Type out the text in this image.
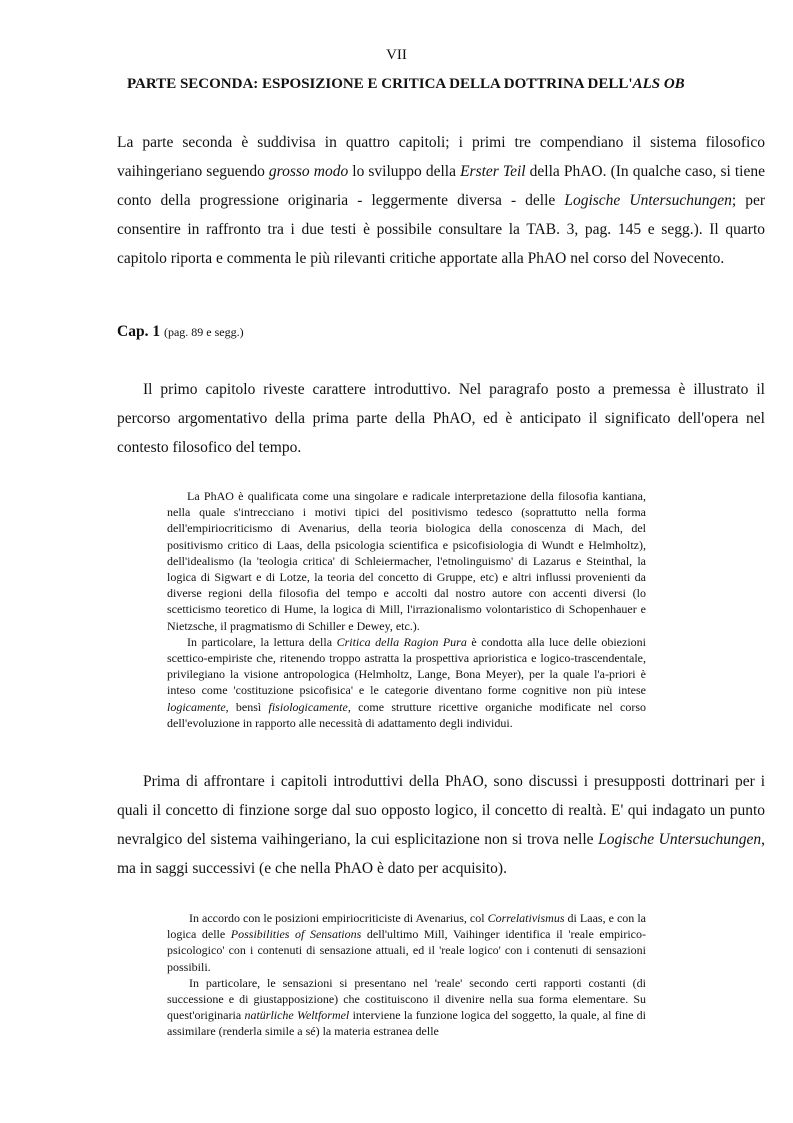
VII
PARTE SECONDA: ESPOSIZIONE E CRITICA DELLA DOTTRINA DELL'ALS OB

La parte seconda è suddivisa in quattro capitoli; i primi tre compendiano il sistema filosofico vaihingeriano seguendo grosso modo lo sviluppo della Erster Teil della PhAO. (In qualche caso, si tiene conto della progressione originaria - leggermente diversa - delle Logische Untersuchungen; per consentire in raffronto tra i due testi è possibile consultare la TAB. 3, pag. 145 e segg.). Il quarto capitolo riporta e commenta le più rilevanti critiche apportate alla PhAO nel corso del Novecento.

Cap. 1 (pag. 89 e segg.)

Il primo capitolo riveste carattere introduttivo. Nel paragrafo posto a premessa è illustrato il percorso argomentativo della prima parte della PhAO, ed è anticipato il significato dell'opera nel contesto filosofico del tempo.

La PhAO è qualificata come una singolare e radicale interpretazione della filosofia kantiana, nella quale s'intrecciano i motivi tipici del positivismo tedesco (soprattutto nella forma dell'empiriocriticismo di Avenarius, della teoria biologica della conoscenza di Mach, del positivismo critico di Laas, della psicologia scientifica e psicofisiologia di Wundt e Helmholtz), dell'idealismo (la 'teologia critica' di Schleiermacher, l'etnolinguismo' di Lazarus e Steinthal, la logica di Sigwart e di Lotze, la teoria del concetto di Gruppe, etc) e altri influssi provenienti da diverse regioni della filosofia del tempo e accolti dal nostro autore con accenti diversi (lo scetticismo teoretico di Hume, la logica di Mill, l'irrazionalismo volontaristico di Schopenhauer e Nietzsche, il pragmatismo di Schiller e Dewey, etc.).

In particolare, la lettura della Critica della Ragion Pura è condotta alla luce delle obiezioni scettico-empiriste che, ritenendo troppo astratta la prospettiva aprioristica e logico-trascendentale, privilegiano la visione antropologica (Helmholtz, Lange, Bona Meyer), per la quale l'a-priori è inteso come 'costituzione psicofisica' e le categorie diventano forme cognitive non più intese logicamente, bensì fisiologicamente, come strutture ricettive organiche modificate nel corso dell'evoluzione in rapporto alle necessità di adattamento degli individui.

Prima di affrontare i capitoli introduttivi della PhAO, sono discussi i presupposti dottrinari per i quali il concetto di finzione sorge dal suo opposto logico, il concetto di realtà. E' qui indagato un punto nevralgico del sistema vaihingeriano, la cui esplicitazione non si trova nelle Logische Untersuchungen, ma in saggi successivi (e che nella PhAO è dato per acquisito).

In accordo con le posizioni empiriocriticiste di Avenarius, col Correlativismus di Laas, e con la logica delle Possibilities of Sensations dell'ultimo Mill, Vaihinger identifica il 'reale empirico-psicologico' con i contenuti di sensazione attuali, ed il 'reale logico' con i contenuti di sensazioni possibili.

In particolare, le sensazioni si presentano nel 'reale' secondo certi rapporti costanti (di successione e di giustapposizione) che costituiscono il divenire nella sua forma elementare. Su quest'originaria natürliche Weltformel interviene la funzione logica del soggetto, la quale, al fine di assimilare (renderla simile a sé) la materia estranea delle
